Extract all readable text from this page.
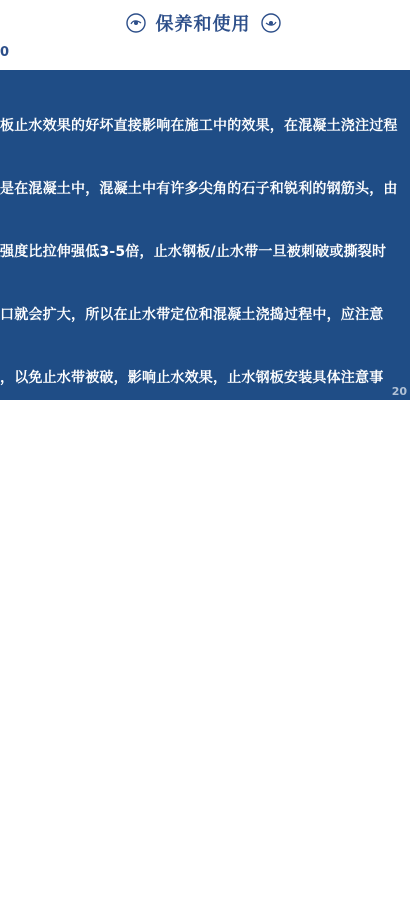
保养和使用
0

板止水效果的好坏直接影响在施工中的效果，在混凝土浇注过程

是在混凝土中，混凝土中有许多尖角的石子和锐利的钢筋头，由

强度比拉伸强低3-5倍，止水钢板/止水带一旦被刺破或撕裂时

口就会扩大，所以在止水带定位和混凝土浇捣过程中，应注意

，以免止水带被破，影响止水效果，止水钢板安装具体注意事

不得长时间露天曝晒，防止雨淋，勿与污染性强的化学物质接

和施工中，防止机械、钢筋损伤止水带。

程中，止水带必须可靠固定，避免在浇注混凝土时发生位移，保

的正确位置。

水带的方法有：止水钢板利用附加钢筋固定、专用卡具固定、铅

需穿孔时，只能选在止水带的边缘安装区，不得损伤其他部位

20
